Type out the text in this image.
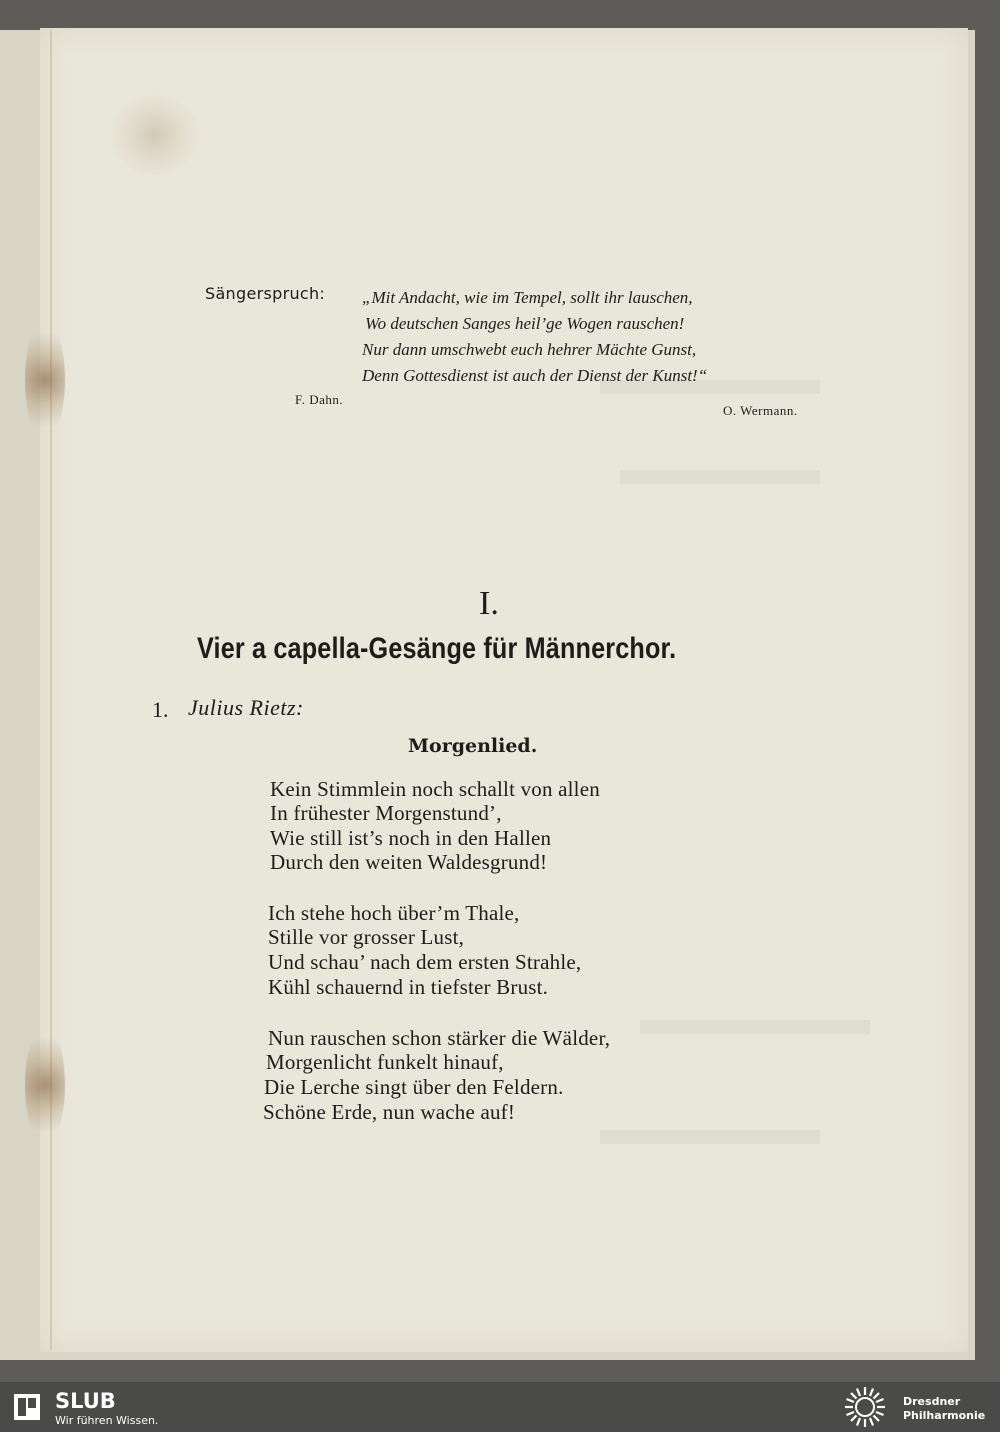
Sängerspruch: „Mit Andacht, wie im Tempel, sollt ihr lauschen,
Wo deutschen Sanges heil’ge Wogen rauschen!
Nur dann umschwebt euch hehrer Mächte Gunst,
Denn Gottesdienst ist auch der Dienst der Kunst!“
F. Dahn.
O. Wermann.
I.
Vier a capella-Gesänge für Männerchor.
1. Julius Rietz:
Morgenlied.
Kein Stimmlein noch schallt von allen
In frühester Morgenstund’,
Wie still ist’s noch in den Hallen
Durch den weiten Waldesgrund!
Ich stehe hoch über’m Thale,
Stille vor grosser Lust,
Und schau’ nach dem ersten Strahle,
Kühl schauernd in tiefster Brust.
Nun rauschen schon stärker die Wälder,
Morgenlicht funkelt hinauf,
Die Lerche singt über den Feldern.
Schöne Erde, nun wache auf!
SLUB
Wir führen Wissen.
Dresdner
Philharmonie
